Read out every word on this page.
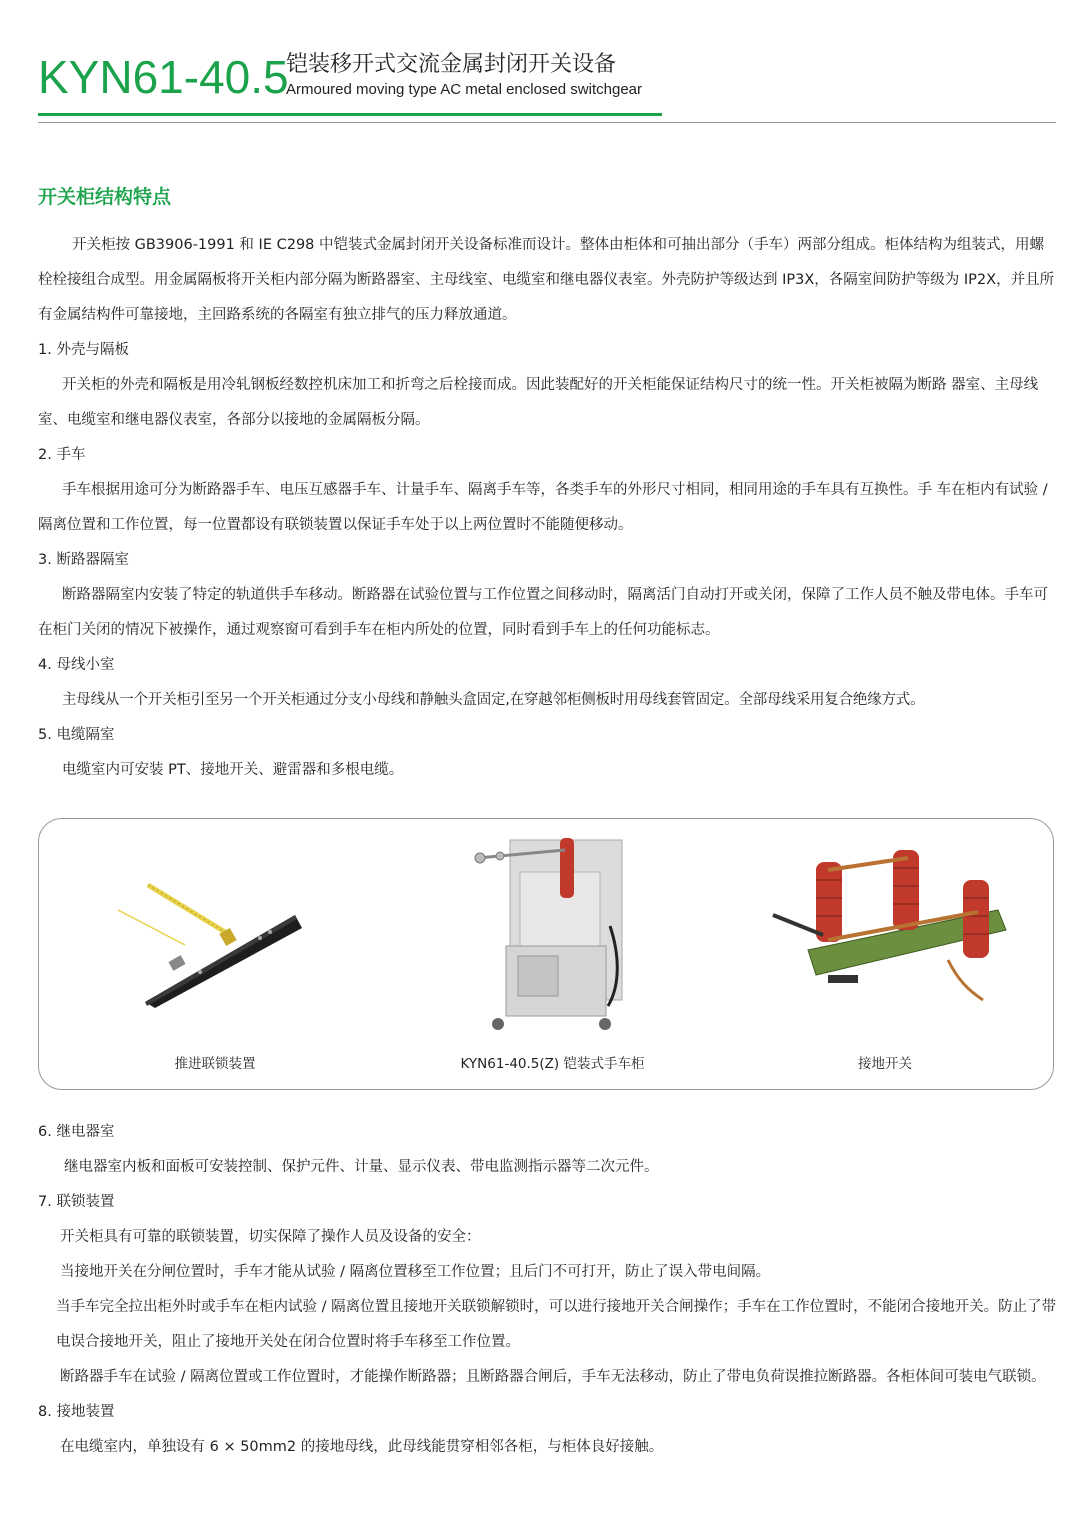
KYN61-40.5
铠装移开式交流金属封闭开关设备
Armoured moving type AC metal enclosed switchgear
开关柜结构特点

开关柜按 GB3906-1991 和 IE C298 中铠装式金属封闭开关设备标准而设计。整体由柜体和可抽出部分（手车）两部分组成。柜体结构为组装式，用螺栓栓接组合成型。用金属隔板将开关柜内部分隔为断路器室、主母线室、电缆室和继电器仪表室。外壳防护等级达到 IP3X，各隔室间防护等级为 IP2X，并且所有金属结构件可靠接地，主回路系统的各隔室有独立排气的压力释放通道。

1. 外壳与隔板

开关柜的外壳和隔板是用冷轧钢板经数控机床加工和折弯之后栓接而成。因此装配好的开关柜能保证结构尺寸的统一性。开关柜被隔为断路 器室、主母线室、电缆室和继电器仪表室，各部分以接地的金属隔板分隔。

2. 手车

手车根据用途可分为断路器手车、电压互感器手车、计量手车、隔离手车等，各类手车的外形尺寸相同，相同用途的手车具有互换性。手 车在柜内有试验 / 隔离位置和工作位置，每一位置都设有联锁装置以保证手车处于以上两位置时不能随便移动。

3. 断路器隔室

断路器隔室内安装了特定的轨道供手车移动。断路器在试验位置与工作位置之间移动时，隔离活门自动打开或关闭，保障了工作人员不触及带电体。手车可在柜门关闭的情况下被操作，通过观察窗可看到手车在柜内所处的位置，同时看到手车上的任何功能标志。

4. 母线小室

主母线从一个开关柜引至另一个开关柜通过分支小母线和静触头盒固定,在穿越邻柜侧板时用母线套管固定。全部母线采用复合绝缘方式。

5. 电缆隔室

电缆室内可安装 PT、接地开关、避雷器和多根电缆。

推进联锁装置	KYN61-40.5(Z) 铠装式手车柜	接地开关

6. 继电器室

继电器室内板和面板可安装控制、保护元件、计量、显示仪表、带电监测指示器等二次元件。

7. 联锁装置

开关柜具有可靠的联锁装置，切实保障了操作人员及设备的安全：

当接地开关在分闸位置时，手车才能从试验 / 隔离位置移至工作位置；且后门不可打开，防止了误入带电间隔。

当手车完全拉出柜外时或手车在柜内试验 / 隔离位置且接地开关联锁解锁时，可以进行接地开关合闸操作；手车在工作位置时，不能闭合接地开关。防止了带电误合接地开关，阻止了接地开关处在闭合位置时将手车移至工作位置。

断路器手车在试验 / 隔离位置或工作位置时，才能操作断路器；且断路器合闸后，手车无法移动，防止了带电负荷误推拉断路器。各柜体间可装电气联锁。

8. 接地装置

在电缆室内，单独设有 6 × 50mm2 的接地母线，此母线能贯穿相邻各柜，与柜体良好接触。
